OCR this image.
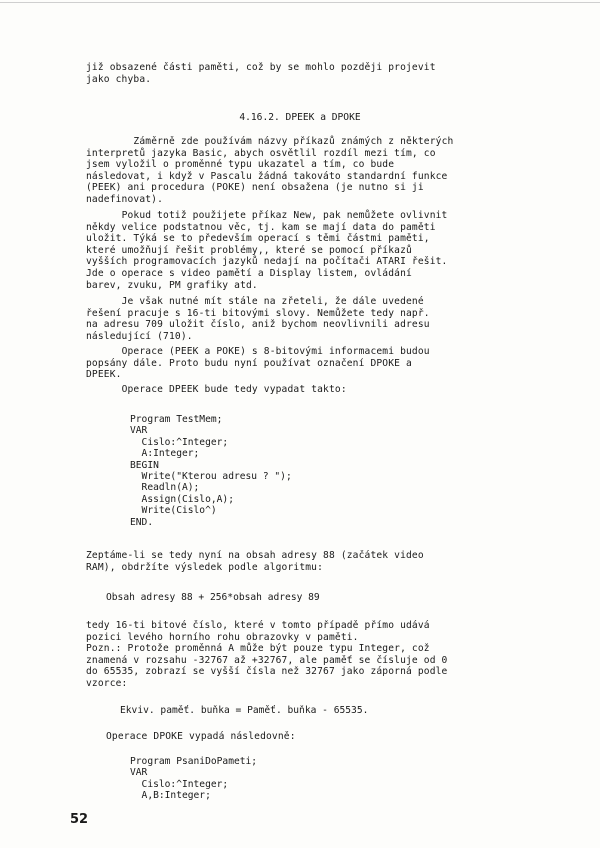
již obsazené části paměti, což by se mohlo později projevit
jako chyba.
4.16.2. DPEEK a DPOKE
Záměrně zde používám názvy příkazů známých z některých
interpretů jazyka Basic, abych osvětlil rozdíl mezi tím, co
jsem vyložil o proměnné typu ukazatel a tím, co bude
následovat, i když v Pascalu žádná takováto standardní funkce
(PEEK) ani procedura (POKE) není obsažena (je nutno si ji
nadefinovat).
Pokud totiž použijete příkaz New, pak nemůžete ovlivnit
někdy velice podstatnou věc, tj. kam se mají data do paměti
uložit. Týká se to především operací s těmi částmi paměti,
které umožňují řešit problémy,, které se pomocí příkazů
vyšších programovacích jazyků nedají na počítači ATARI řešit.
Jde o operace s video pamětí a Display listem, ovládání
barev, zvuku, PM grafiky atd.
Je však nutné mít stále na zřeteli, že dále uvedené
řešení pracuje s 16-ti bitovými slovy. Nemůžete tedy např.
na adresu 709 uložit číslo, aniž bychom neovlivnili adresu
následující (710).
Operace (PEEK a POKE) s 8-bitovými informacemi budou
popsány dále. Proto budu nyní používat označení DPOKE a
DPEEK.
Operace DPEEK bude tedy vypadat takto:
Program TestMem;
VAR
Cislo:^Integer;
A:Integer;
BEGIN
Write("Kterou adresu ? ");
Readln(A);
Assign(Cislo,A);
Write(Cislo^)
END.
Zeptáme-li se tedy nyní na obsah adresy 88 (začátek video
RAM), obdržíte výsledek podle algoritmu:
Obsah adresy 88 + 256*obsah adresy 89
tedy 16-ti bitové číslo, které v tomto případě přímo udává
pozici levého horního rohu obrazovky v paměti.
Pozn.: Protože proměnná A může být pouze typu Integer, což
znamená v rozsahu -32767 až +32767, ale paměť se čísluje od 0
do 65535, zobrazí se vyšší čísla než 32767 jako záporná podle
vzorce:
Ekviv. paměť. buňka = Paměť. buňka - 65535.
Operace DPOKE vypadá následovně:
Program PsaniDoPameti;
VAR
Cislo:^Integer;
A,B:Integer;
52
